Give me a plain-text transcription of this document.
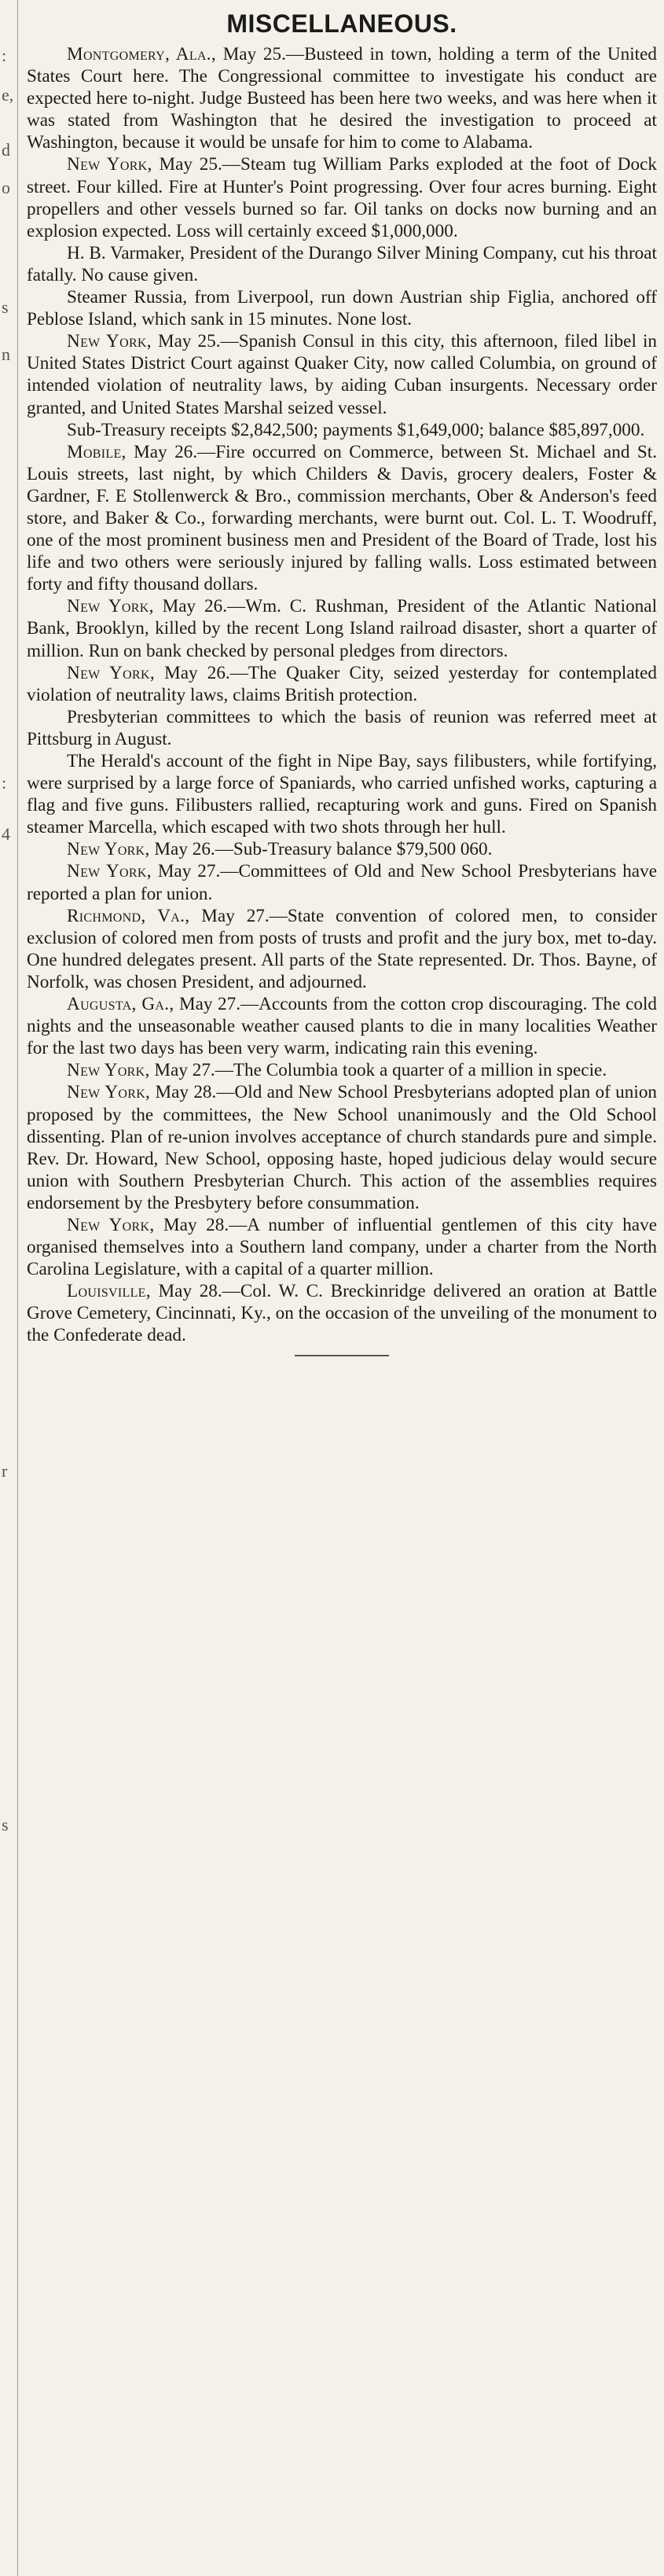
:
e,
d
o
s
n
:
4
r
s
MISCELLANEOUS.

Montgomery, Ala., May 25.—Busteed in town, holding a term of the United States Court here. The Congressional committee to investigate his conduct are expected here to-night. Judge Busteed has been here two weeks, and was here when it was stated from Washington that he desired the investigation to proceed at Washington, because it would be unsafe for him to come to Alabama.

New York, May 25.—Steam tug William Parks exploded at the foot of Dock street. Four killed. Fire at Hunter's Point progressing. Over four acres burning. Eight propellers and other vessels burned so far. Oil tanks on docks now burning and an explosion expected. Loss will certainly exceed $1,000,000.

H. B. Varmaker, President of the Durango Silver Mining Company, cut his throat fatally. No cause given.

Steamer Russia, from Liverpool, run down Austrian ship Figlia, anchored off Peblose Island, which sank in 15 minutes. None lost.

New York, May 25.—Spanish Consul in this city, this afternoon, filed libel in United States District Court against Quaker City, now called Columbia, on ground of intended violation of neutrality laws, by aiding Cuban insurgents. Necessary order granted, and United States Marshal seized vessel.

Sub-Treasury receipts $2,842,500; payments $1,649,000; balance $85,897,000.

Mobile, May 26.—Fire occurred on Commerce, between St. Michael and St. Louis streets, last night, by which Childers & Davis, grocery dealers, Foster & Gardner, F. E Stollenwerck & Bro., commission merchants, Ober & Anderson's feed store, and Baker & Co., forwarding merchants, were burnt out. Col. L. T. Woodruff, one of the most prominent business men and President of the Board of Trade, lost his life and two others were seriously injured by falling walls. Loss estimated between forty and fifty thousand dollars.

New York, May 26.—Wm. C. Rushman, President of the Atlantic National Bank, Brooklyn, killed by the recent Long Island railroad disaster, short a quarter of million. Run on bank checked by personal pledges from directors.

New York, May 26.—The Quaker City, seized yesterday for contemplated violation of neutrality laws, claims British protection.

Presbyterian committees to which the basis of reunion was referred meet at Pittsburg in August.

The Herald's account of the fight in Nipe Bay, says filibusters, while fortifying, were surprised by a large force of Spaniards, who carried unfished works, capturing a flag and five guns. Filibusters rallied, recapturing work and guns. Fired on Spanish steamer Marcella, which escaped with two shots through her hull.

New York, May 26.—Sub-Treasury balance $79,500 060.

New York, May 27.—Committees of Old and New School Presbyterians have reported a plan for union.

Richmond, Va., May 27.—State convention of colored men, to consider exclusion of colored men from posts of trusts and profit and the jury box, met to-day. One hundred delegates present. All parts of the State represented. Dr. Thos. Bayne, of Norfolk, was chosen President, and adjourned.

Augusta, Ga., May 27.—Accounts from the cotton crop discouraging. The cold nights and the unseasonable weather caused plants to die in many localities Weather for the last two days has been very warm, indicating rain this evening.

New York, May 27.—The Columbia took a quarter of a million in specie.

New York, May 28.—Old and New School Presbyterians adopted plan of union proposed by the committees, the New School unanimously and the Old School dissenting. Plan of re-union involves acceptance of church standards pure and simple. Rev. Dr. Howard, New School, opposing haste, hoped judicious delay would secure union with Southern Presbyterian Church. This action of the assemblies requires endorsement by the Presbytery before consummation.

New York, May 28.—A number of influential gentlemen of this city have organised themselves into a Southern land company, under a charter from the North Carolina Legislature, with a capital of a quarter million.

Louisville, May 28.—Col. W. C. Breckinridge delivered an oration at Battle Grove Cemetery, Cincinnati, Ky., on the occasion of the unveiling of the monument to the Confederate dead.
